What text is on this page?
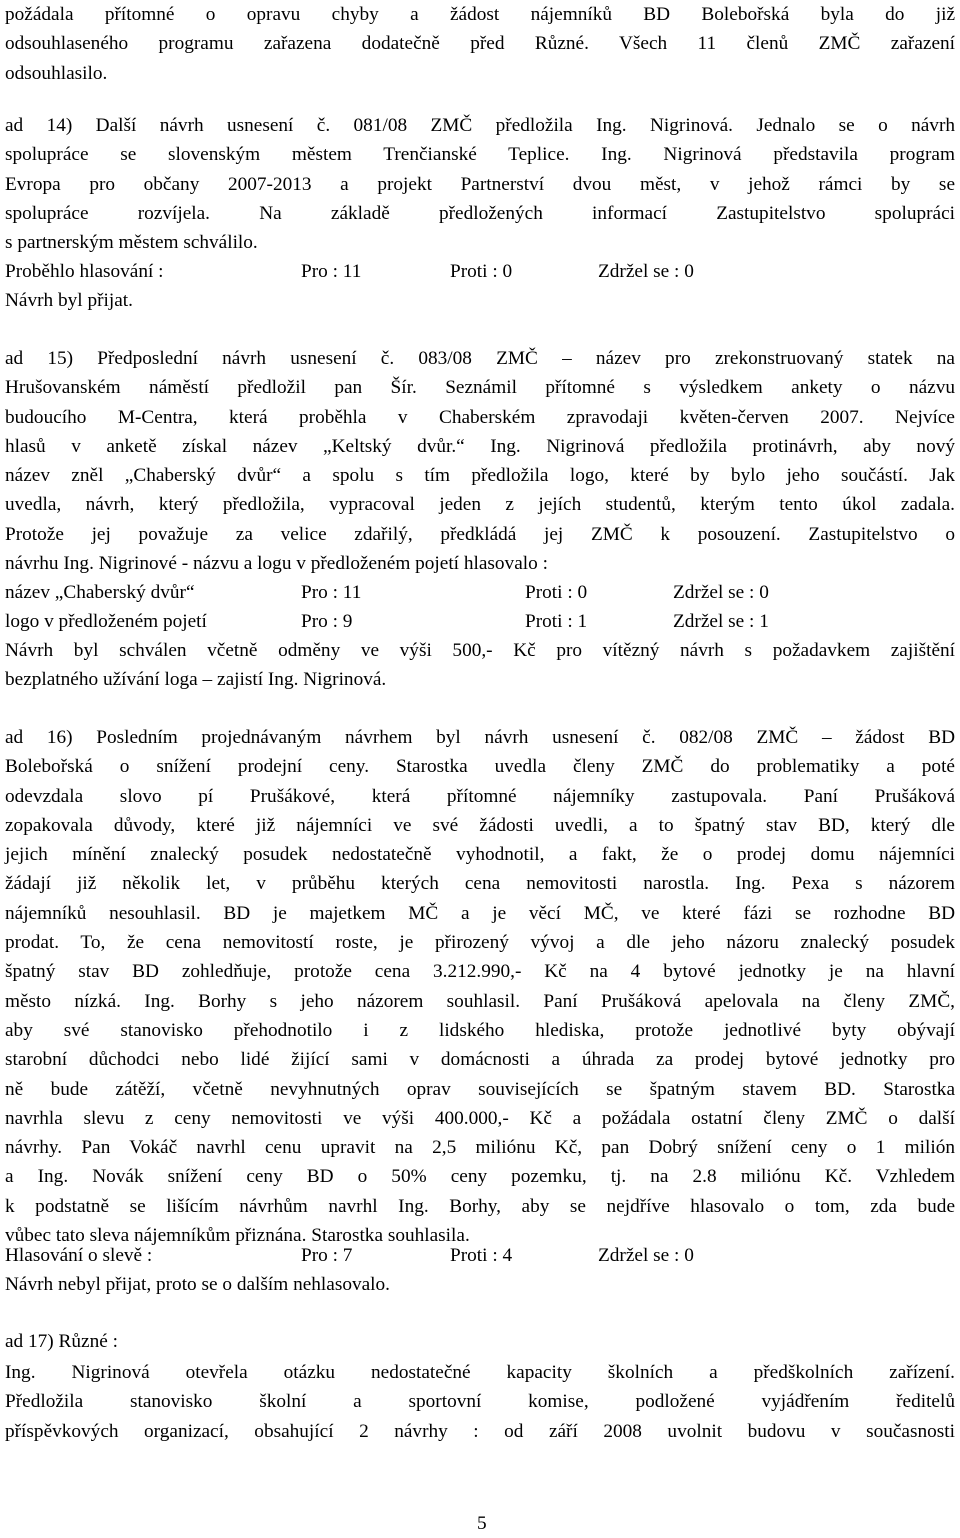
požádala přítomné o opravu chyby a žádost nájemníků BD Bolebořská byla do již
odsouhlaseného programu zařazena dodatečně před Různé. Všech 11 členů ZMČ zařazení
odsouhlasilo.
ad 14) Další návrh usnesení č. 081/08 ZMČ předložila Ing. Nigrinová. Jednalo se o návrh
spolupráce se slovenským městem Trenčianské Teplice. Ing. Nigrinová představila program
Evropa pro občany 2007-2013 a projekt Partnerství dvou měst, v jehož rámci by se
spolupráce rozvíjela. Na základě předložených informací Zastupitelstvo spolupráci
s partnerským městem schválilo.
Proběhlo hlasování :	Pro : 11	Proti : 0	Zdržel se : 0
Návrh byl přijat.
ad 15) Předposlední návrh usnesení č. 083/08 ZMČ – název pro zrekonstruovaný statek na
Hrušovanském náměstí předložil pan Šír. Seznámil přítomné s výsledkem ankety o názvu
budoucího M-Centra, která proběhla v Chaberském zpravodaji květen-červen 2007. Nejvíce
hlasů v anketě získal název „Keltský dvůr.“ Ing. Nigrinová předložila protinávrh, aby nový
název zněl „Chaberský dvůr“ a spolu s tím předložila logo, které by bylo jeho součástí. Jak
uvedla, návrh, který předložila, vypracoval jeden z jejích studentů, kterým tento úkol zadala.
Protože jej považuje za velice zdařilý, předkládá jej ZMČ k posouzení. Zastupitelstvo o
návrhu Ing. Nigrinové - názvu a logu v předloženém pojetí hlasovalo :
název „Chaberský dvůr“	Pro : 11	Proti : 0	Zdržel se : 0
logo v předloženém pojetí	Pro : 9	Proti : 1	Zdržel se : 1
Návrh byl schválen včetně odměny ve výši 500,- Kč pro vítězný návrh s požadavkem zajištění
bezplatného užívání loga – zajistí Ing. Nigrinová.
ad 16) Posledním projednávaným návrhem byl návrh usnesení č. 082/08 ZMČ – žádost BD
Bolebořská o snížení prodejní ceny. Starostka uvedla členy ZMČ do problematiky a poté
odevzdala slovo pí Prušákové, která přítomné nájemníky zastupovala. Paní Prušáková
zopakovala důvody, které již nájemníci ve své žádosti uvedli, a to špatný stav BD, který dle
jejich mínění znalecký posudek nedostatečně vyhodnotil, a fakt, že o prodej domu nájemníci
žádají již několik let, v průběhu kterých cena nemovitosti narostla. Ing. Pexa s názorem
nájemníků nesouhlasil. BD je majetkem MČ a je věcí MČ, ve které fázi se rozhodne BD
prodat. To, že cena nemovitostí roste, je přirozený vývoj a dle jeho názoru znalecký posudek
špatný stav BD zohledňuje, protože cena 3.212.990,- Kč na 4 bytové jednotky je na hlavní
město nízká. Ing. Borhy s jeho názorem souhlasil. Paní Prušáková apelovala na členy ZMČ,
aby své stanovisko přehodnotilo i z lidského hlediska, protože jednotlivé byty obývají
starobní důchodci nebo lidé žijící sami v domácnosti a úhrada za prodej bytové jednotky pro
ně bude zátěží, včetně nevyhnutných oprav souvisejících se špatným stavem BD. Starostka
navrhla slevu z ceny nemovitosti ve výši 400.000,- Kč a požádala ostatní členy ZMČ o další
návrhy. Pan Vokáč navrhl cenu upravit na 2,5 miliónu Kč, pan Dobrý snížení ceny o 1 milión
a Ing. Novák snížení ceny BD o 50% ceny pozemku, tj. na 2.8 miliónu Kč. Vzhledem
k podstatně se lišícím návrhům navrhl Ing. Borhy, aby se nejdříve hlasovalo o tom, zda bude
vůbec tato sleva nájemníkům přiznána. Starostka souhlasila.
Hlasování o slevě :	Pro : 7	Proti : 4	Zdržel se : 0
Návrh nebyl přijat, proto se o dalším nehlasovalo.
ad 17) Různé :
Ing. Nigrinová otevřela otázku nedostatečné kapacity školních a předškolních zařízení.
Předložila stanovisko školní a sportovní komise, podložené vyjádřením ředitelů
příspěvkových organizací, obsahující 2 návrhy : od září 2008 uvolnit budovu v současnosti
5
